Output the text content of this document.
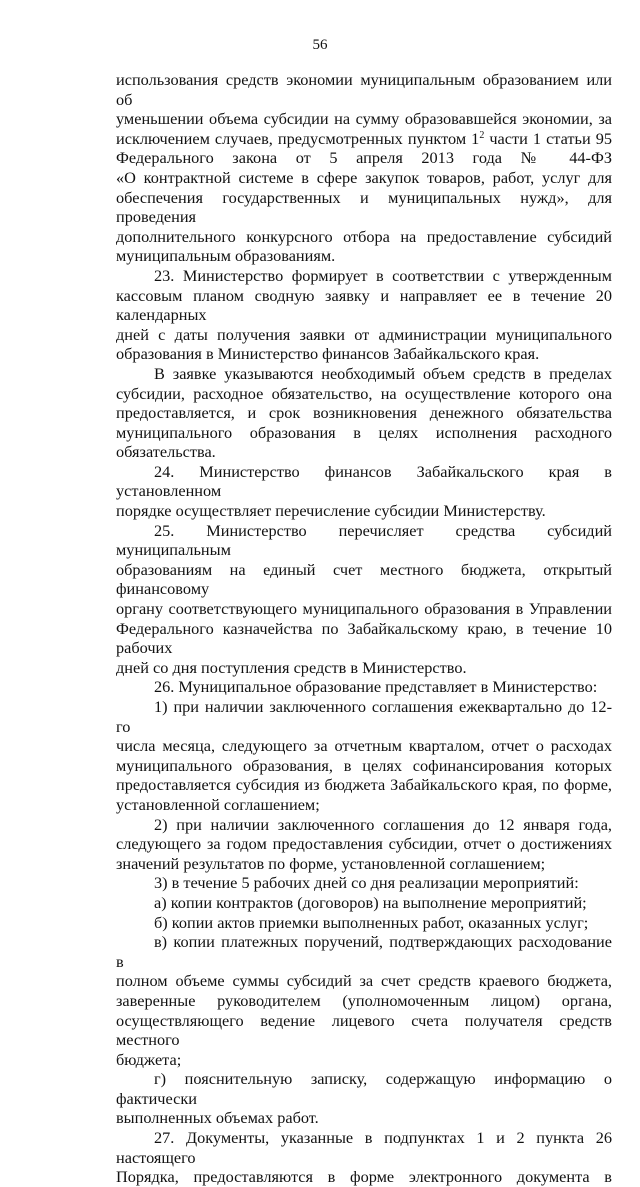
56
использования средств экономии муниципальным образованием или об
уменьшении объема субсидии на сумму образовавшейся экономии, за
исключением случаев, предусмотренных пунктом $1^2$ части 1 статьи 95
Федерального закона от 5 апреля 2013 года № 44-ФЗ
«О контрактной системе в сфере закупок товаров, работ, услуг для
обеспечения государственных и муниципальных нужд», для проведения
дополнительного конкурсного отбора на предоставление субсидий
муниципальным образованиям.
23. Министерство формирует в соответствии с утвержденным
кассовым планом сводную заявку и направляет ее в течение 20 календарных
дней с даты получения заявки от администрации муниципального
образования в Министерство финансов Забайкальского края.
В заявке указываются необходимый объем средств в пределах
субсидии, расходное обязательство, на осуществление которого она
предоставляется, и срок возникновения денежного обязательства
муниципального образования в целях исполнения расходного обязательства.
24. Министерство финансов Забайкальского края в установленном
порядке осуществляет перечисление субсидии Министерству.
25. Министерство перечисляет средства субсидий муниципальным
образованиям на единый счет местного бюджета, открытый финансовому
органу соответствующего муниципального образования в Управлении
Федерального казначейства по Забайкальскому краю, в течение 10 рабочих
дней со дня поступления средств в Министерство.
26. Муниципальное образование представляет в Министерство:
1) при наличии заключенного соглашения ежеквартально до 12-го
числа месяца, следующего за отчетным кварталом, отчет о расходах
муниципального образования, в целях софинансирования которых
предоставляется субсидия из бюджета Забайкальского края, по форме,
установленной соглашением;
2) при наличии заключенного соглашения до 12 января года,
следующего за годом предоставления субсидии, отчет о достижениях
значений результатов по форме, установленной соглашением;
3) в течение 5 рабочих дней со дня реализации мероприятий:
а) копии контрактов (договоров) на выполнение мероприятий;
б) копии актов приемки выполненных работ, оказанных услуг;
в) копии платежных поручений, подтверждающих расходование в
полном объеме суммы субсидий за счет средств краевого бюджета,
заверенные руководителем (уполномоченным лицом) органа,
осуществляющего ведение лицевого счета получателя средств местного
бюджета;
г) пояснительную записку, содержащую информацию о фактически
выполненных объемах работ.
27. Документы, указанные в подпунктах 1 и 2 пункта 26 настоящего
Порядка, предоставляются в форме электронного документа в
